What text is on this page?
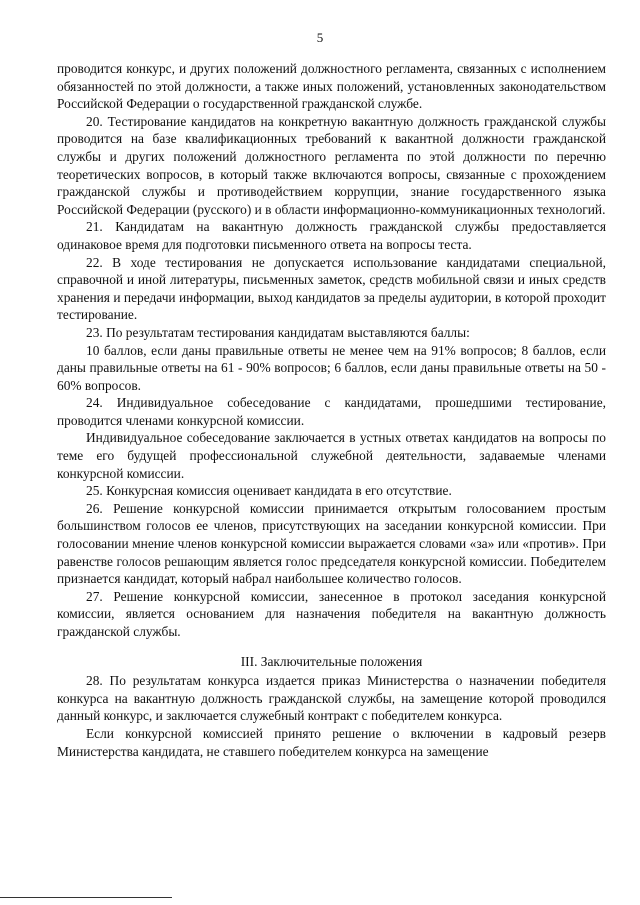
5

проводится конкурс, и других положений должностного регламента, связанных с исполнением обязанностей по этой должности, а также иных положений, установленных законодательством Российской Федерации о государственной гражданской службе.

20. Тестирование кандидатов на конкретную вакантную должность гражданской службы проводится на базе квалификационных требований к вакантной должности гражданской службы и других положений должностного регламента по этой должности по перечню теоретических вопросов, в который также включаются вопросы, связанные с прохождением гражданской службы и противодействием коррупции, знание государственного языка Российской Федерации (русского) и в области информационно-коммуникационных технологий.

21. Кандидатам на вакантную должность гражданской службы предоставляется одинаковое время для подготовки письменного ответа на вопросы теста.

22. В ходе тестирования не допускается использование кандидатами специальной, справочной и иной литературы, письменных заметок, средств мобильной связи и иных средств хранения и передачи информации, выход кандидатов за пределы аудитории, в которой проходит тестирование.

23. По результатам тестирования кандидатам выставляются баллы:

10 баллов, если даны правильные ответы не менее чем на 91% вопросов; 8 баллов, если даны правильные ответы на 61 - 90% вопросов; 6 баллов, если даны правильные ответы на 50 - 60% вопросов.

24. Индивидуальное собеседование с кандидатами, прошедшими тестирование, проводится членами конкурсной комиссии.

Индивидуальное собеседование заключается в устных ответах кандидатов на вопросы по теме его будущей профессиональной служебной деятельности, задаваемые членами конкурсной комиссии.

25. Конкурсная комиссия оценивает кандидата в его отсутствие.

26. Решение конкурсной комиссии принимается открытым голосованием простым большинством голосов ее членов, присутствующих на заседании конкурсной комиссии. При голосовании мнение членов конкурсной комиссии выражается словами «за» или «против». При равенстве голосов решающим является голос председателя конкурсной комиссии. Победителем признается кандидат, который набрал наибольшее количество голосов.

27. Решение конкурсной комиссии, занесенное в протокол заседания конкурсной комиссии, является основанием для назначения победителя на вакантную должность гражданской службы.

III. Заключительные положения

28. По результатам конкурса издается приказ Министерства о назначении победителя конкурса на вакантную должность гражданской службы, на замещение которой проводился данный конкурс, и заключается служебный контракт с победителем конкурса.

Если конкурсной комиссией принято решение о включении в кадровый резерв Министерства кандидата, не ставшего победителем конкурса на замещение
